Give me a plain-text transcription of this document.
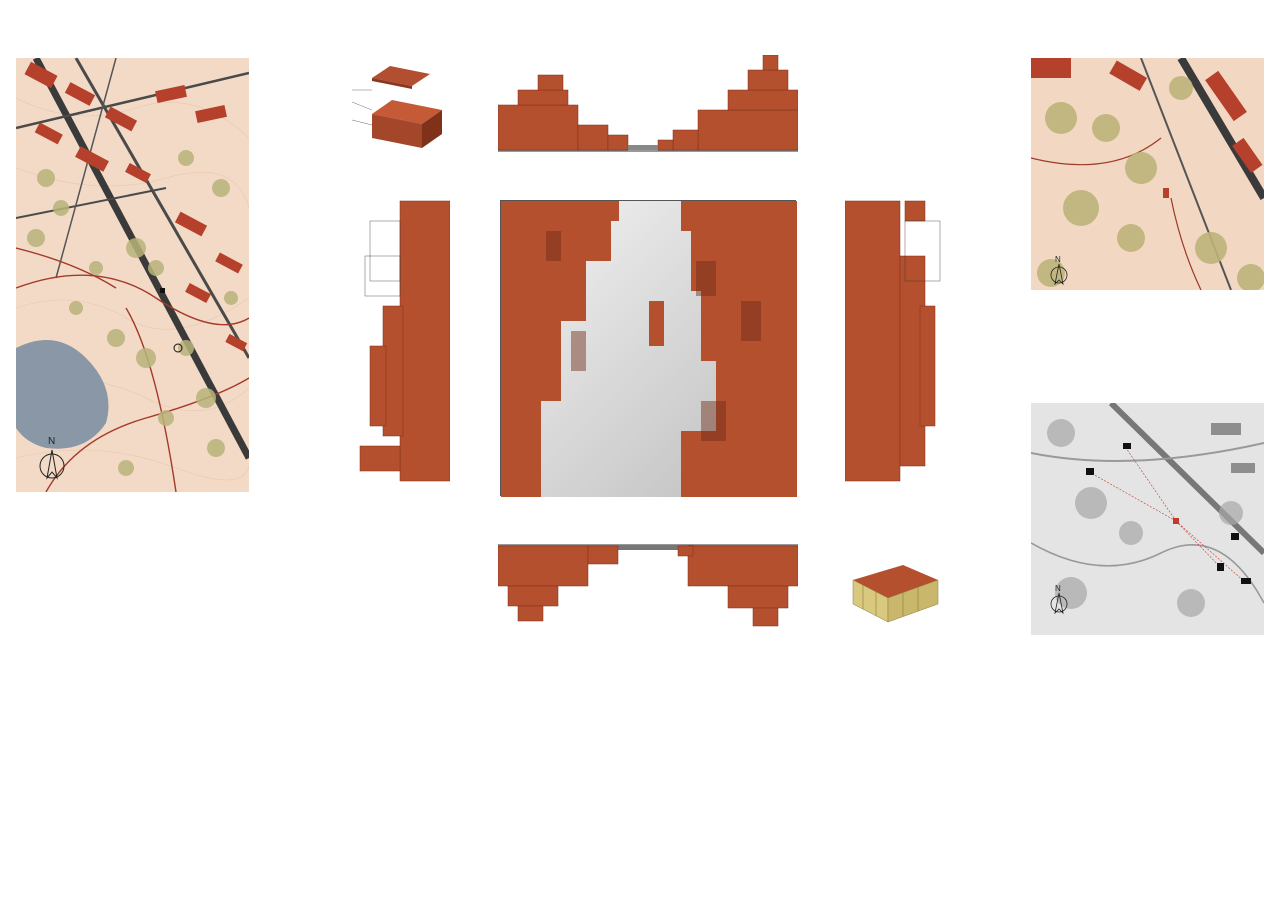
N

N
N
